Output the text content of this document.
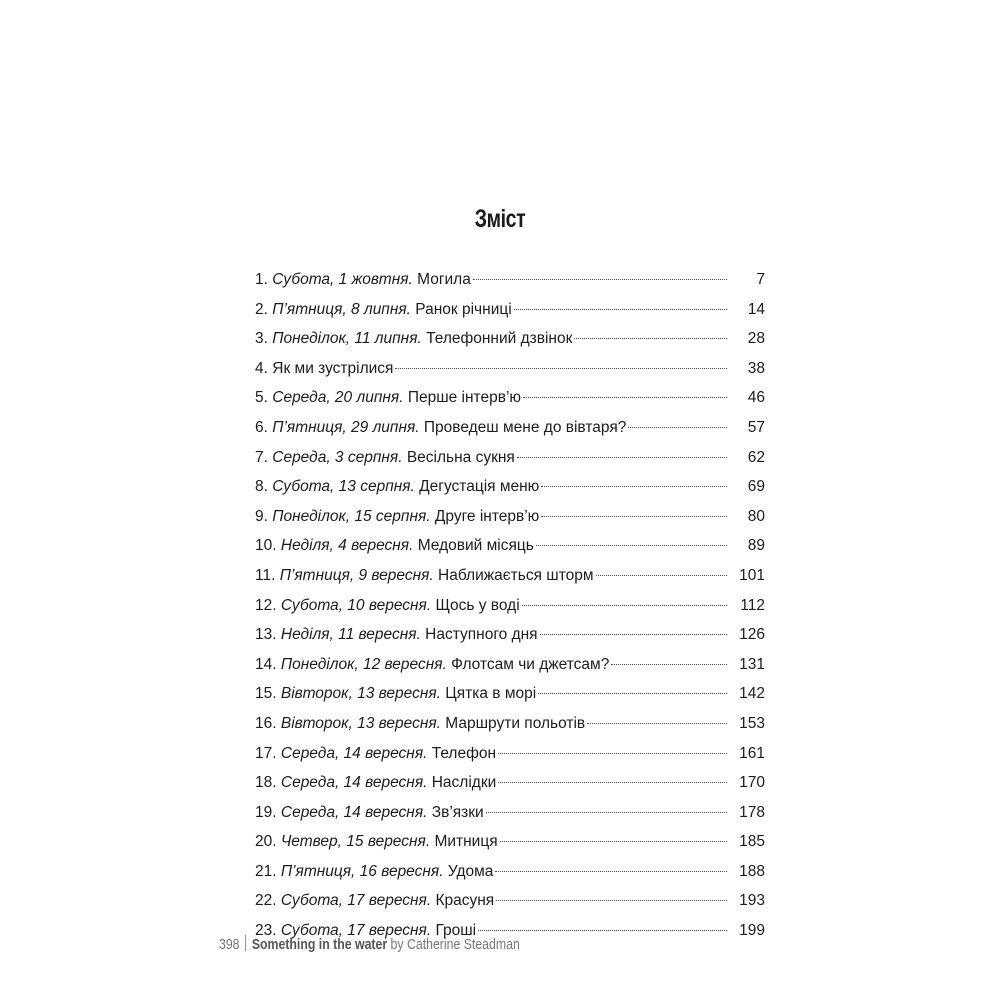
Зміст
1. Субота, 1 жовтня. Могила	7
2. П’ятниця, 8 липня. Ранок річниці	14
3. Понеділок, 11 липня. Телефонний дзвінок	28
4. Як ми зустрілися	38
5. Середа, 20 липня. Перше інтерв’ю	46
6. П’ятниця, 29 липня. Проведеш мене до вівтаря?	57
7. Середа, 3 серпня. Весільна сукня	62
8. Субота, 13 серпня. Дегустація меню	69
9. Понеділок, 15 серпня. Друге інтерв’ю	80
10. Неділя, 4 вересня. Медовий місяць	89
11. П’ятниця, 9 вересня. Наближається шторм	101
12. Субота, 10 вересня. Щось у воді	112
13. Неділя, 11 вересня. Наступного дня	126
14. Понеділок, 12 вересня. Флотсам чи джетсам?	131
15. Вівторок, 13 вересня. Цятка в морі	142
16. Вівторок, 13 вересня. Маршрути польотів	153
17. Середа, 14 вересня. Телефон	161
18. Середа, 14 вересня. Наслідки	170
19. Середа, 14 вересня. Зв’язки	178
20. Четвер, 15 вересня. Митниця	185
21. П’ятниця, 16 вересня. Удома	188
22. Субота, 17 вересня. Красуня	193
23. Субота, 17 вересня. Гроші	199
398 Something in the water by Catherine Steadman
